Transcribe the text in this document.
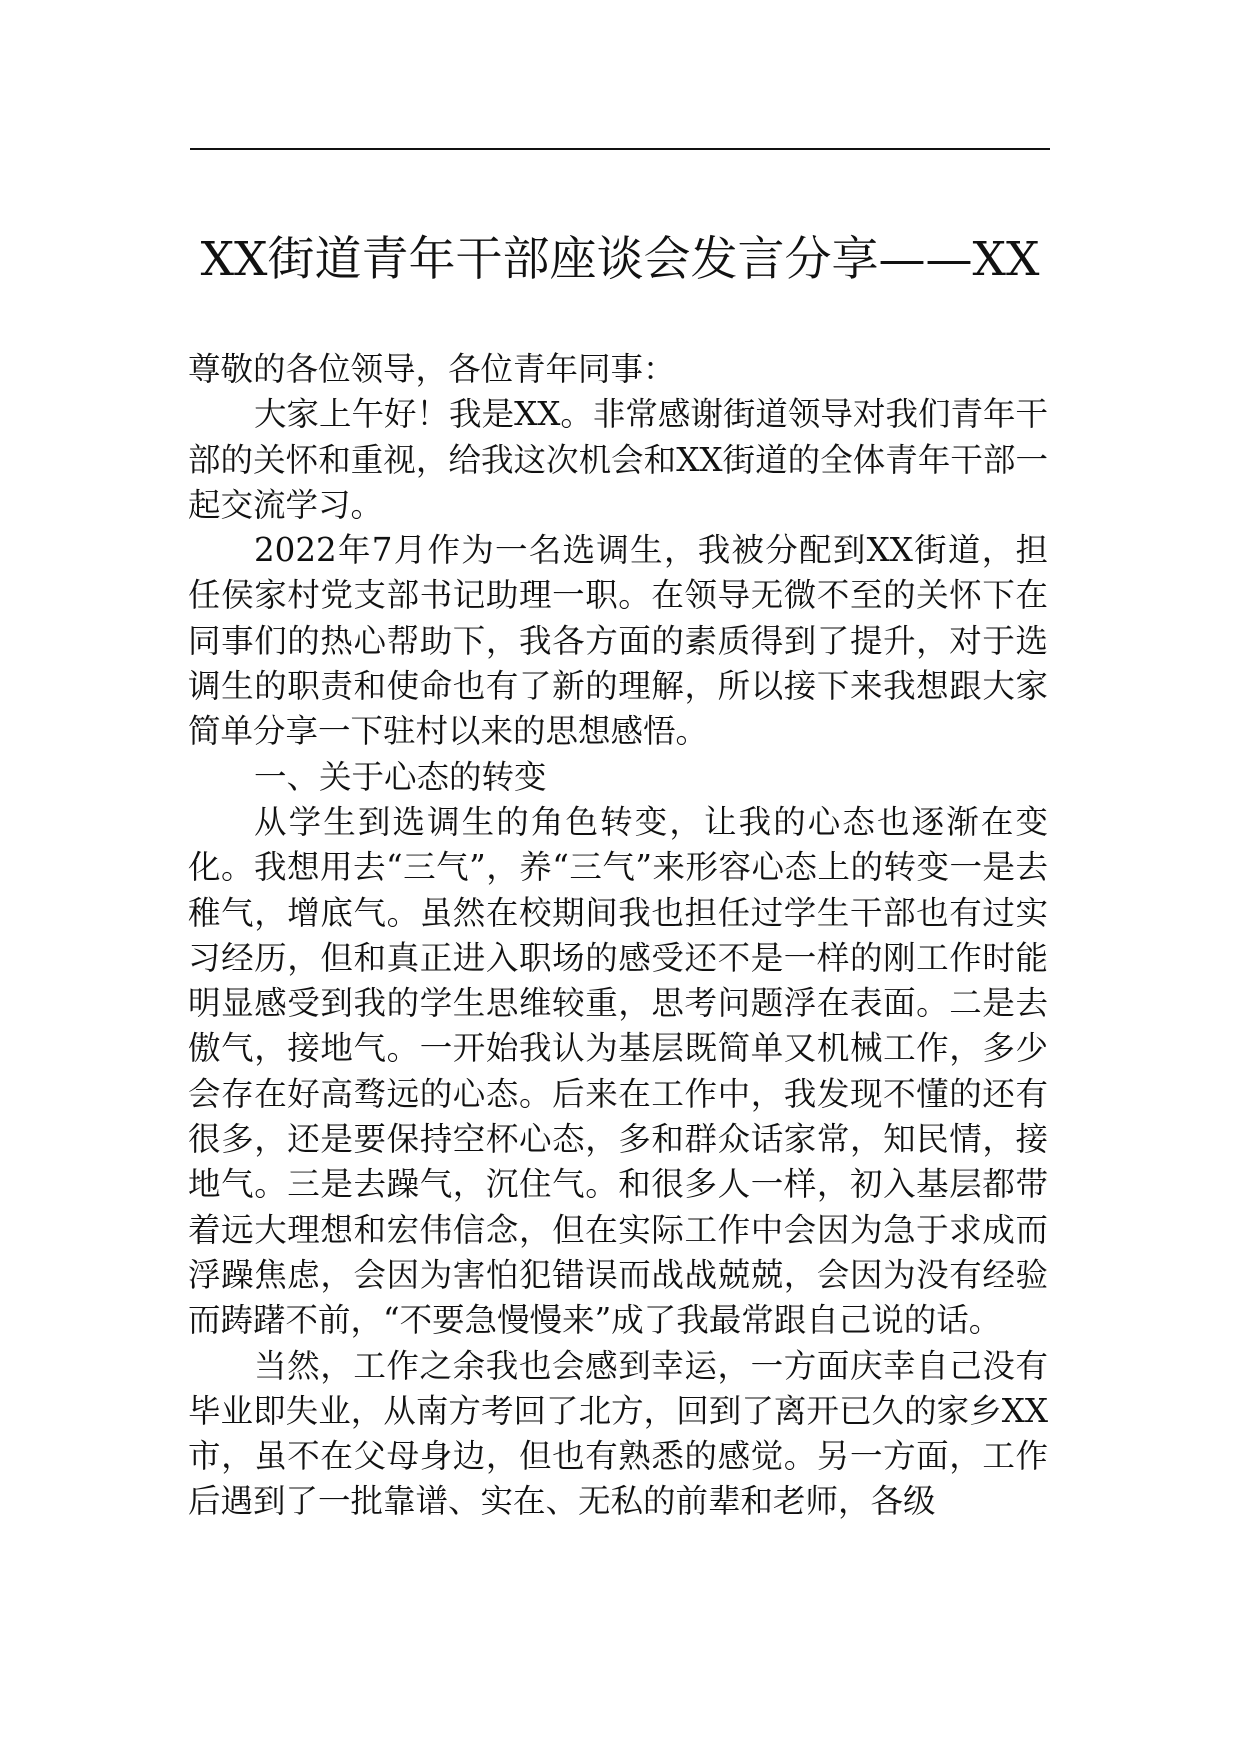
XX街道青年干部座谈会发言分享——XX

尊敬的各位领导，各位青年同事：

大家上午好！我是XX。非常感谢街道领导对我们青年干部的关怀和重视，给我这次机会和XX街道的全体青年干部一起交流学习。

2022年7月作为一名选调生，我被分配到XX街道，担任侯家村党支部书记助理一职。在领导无微不至的关怀下在同事们的热心帮助下，我各方面的素质得到了提升，对于选调生的职责和使命也有了新的理解，所以接下来我想跟大家简单分享一下驻村以来的思想感悟。

一、关于心态的转变

从学生到选调生的角色转变，让我的心态也逐渐在变化。我想用去“三气”，养“三气”来形容心态上的转变一是去稚气，增底气。虽然在校期间我也担任过学生干部也有过实习经历，但和真正进入职场的感受还不是一样的刚工作时能明显感受到我的学生思维较重，思考问题浮在表面。二是去傲气，接地气。一开始我认为基层既简单又机械工作，多少会存在好高骛远的心态。后来在工作中，我发现不懂的还有很多，还是要保持空杯心态，多和群众话家常，知民情，接地气。三是去躁气，沉住气。和很多人一样，初入基层都带着远大理想和宏伟信念，但在实际工作中会因为急于求成而浮躁焦虑，会因为害怕犯错误而战战兢兢，会因为没有经验而踌躇不前，“不要急慢慢来”成了我最常跟自己说的话。

当然，工作之余我也会感到幸运，一方面庆幸自己没有毕业即失业，从南方考回了北方，回到了离开已久的家乡XX市，虽不在父母身边，但也有熟悉的感觉。另一方面，工作后遇到了一批靠谱、实在、无私的前辈和老师，各级
